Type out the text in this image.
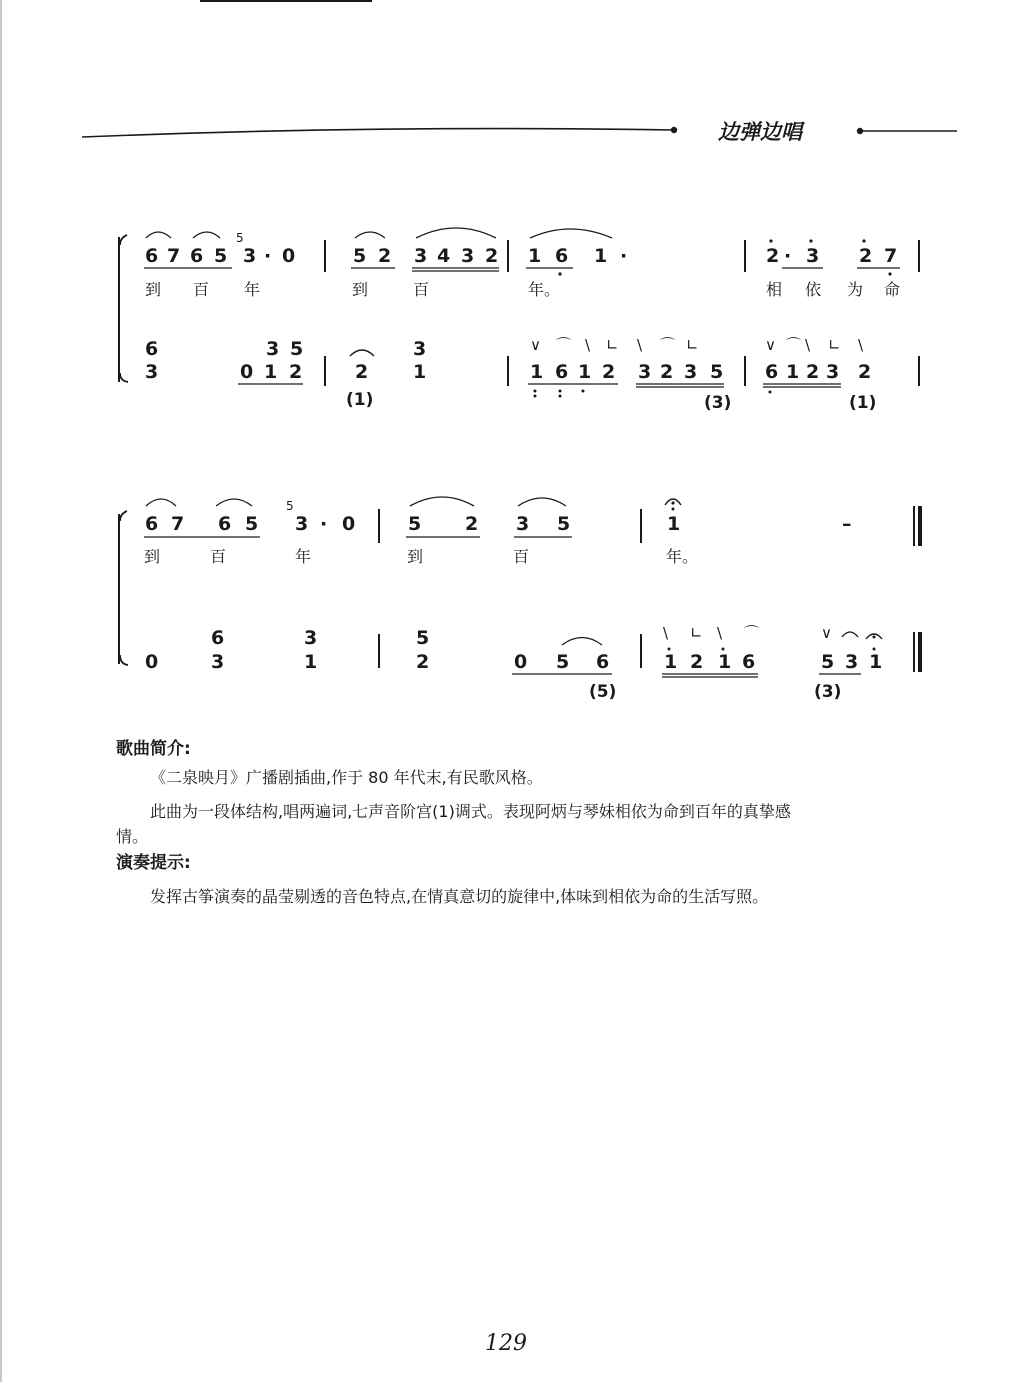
边弹边唱
6 7 6 5
5
3 · 0	5 2 3 4 3 2 1 6 1 ·	2 · 3 2 7
到 百 年	到	百	年。	相 依 为 命
6	3 5	3
3	0 1 2	2 1	1 6 1 2 3 2 3 5 6 1 2 3 2
∨ ⌒ \ ∟ \ ⌒ ∟	∨ ⌒ \ ∟ \
(1)	(3)	(1)
6 7 6 5
5
3 · 0	5 2 3 5	1	–
到	百	年	到	百	年。
6	3	5
0	3	1	2	0 5 6	1 2 1 6	5 3 1
\ ∟ \ ⌒	∨
(5)	(3)
歌曲简介:
《二泉映月》广播剧插曲,作于 80 年代末,有民歌风格。
此曲为一段体结构,唱两遍词,七声音阶宫(1)调式。表现阿炳与琴妹相依为命到百年的真挚感
情。
演奏提示:
发挥古筝演奏的晶莹剔透的音色特点,在情真意切的旋律中,体味到相依为命的生活写照。
129
